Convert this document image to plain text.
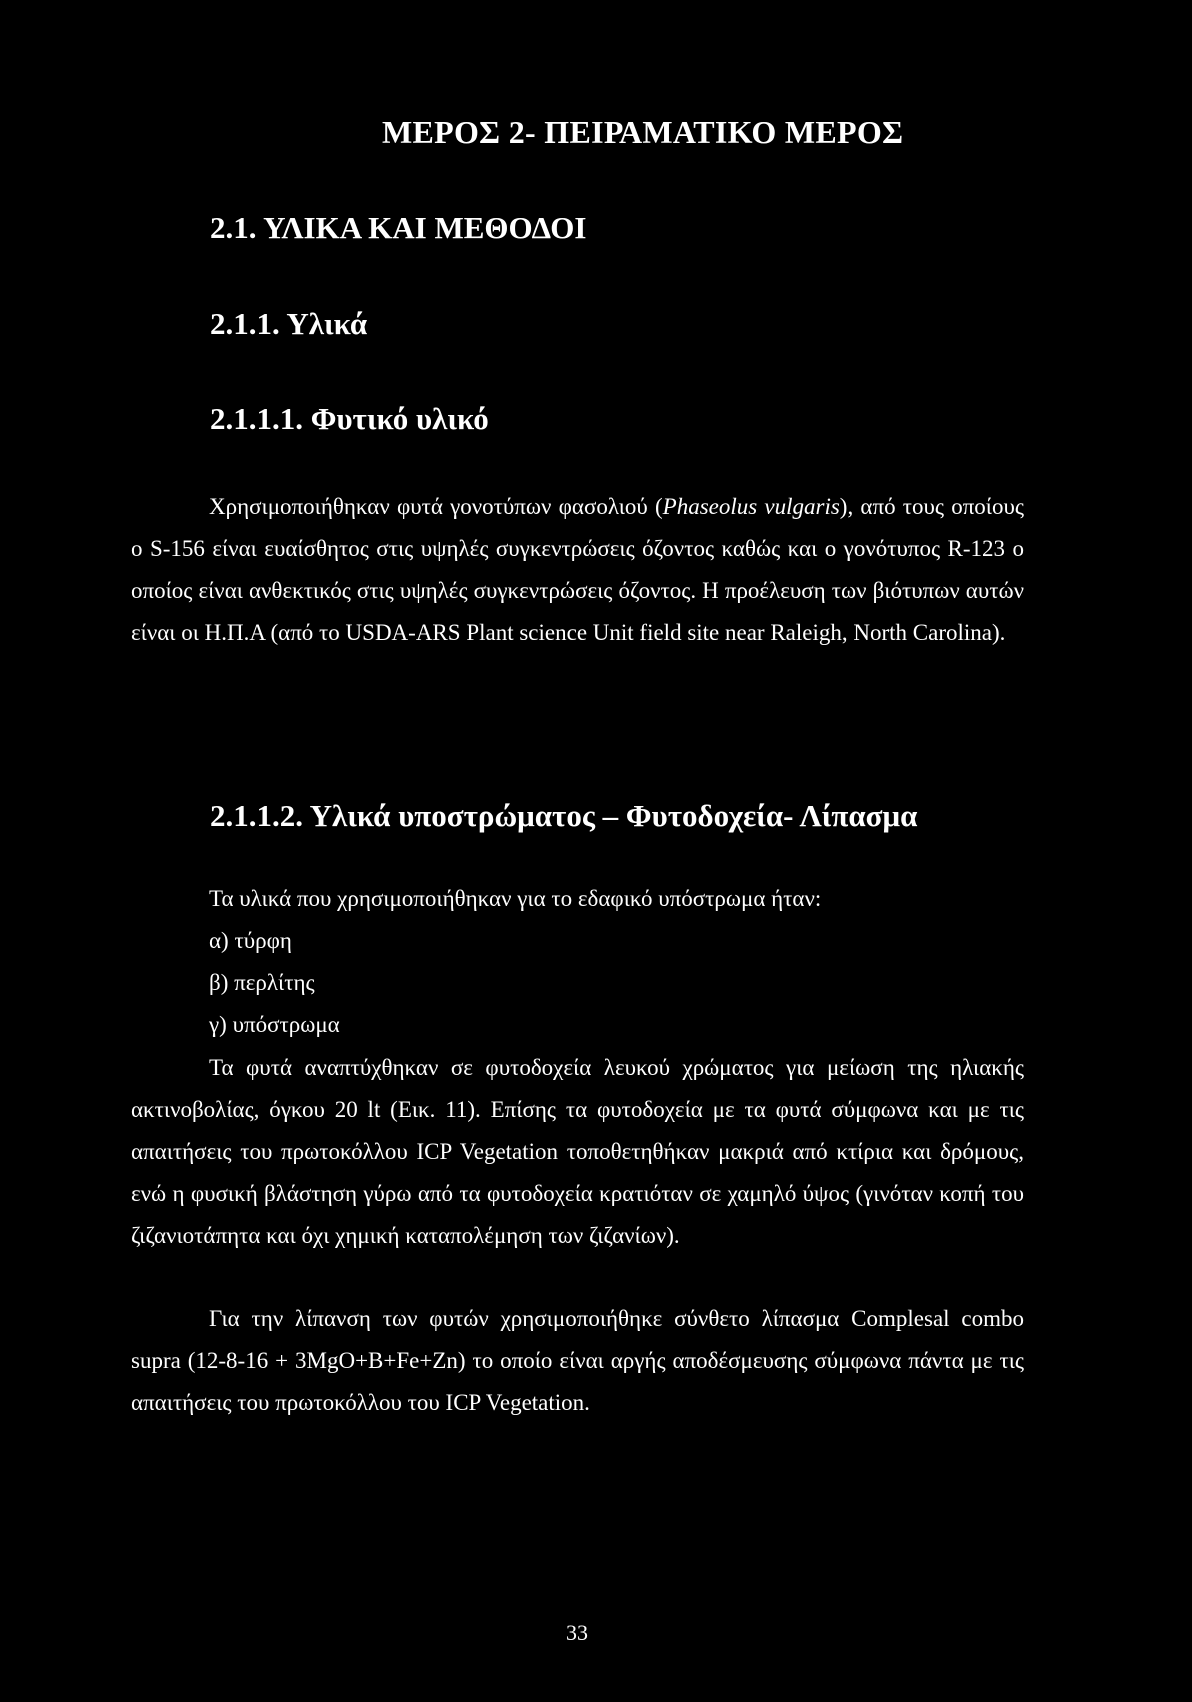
ΜΕΡΟΣ 2- ΠΕΙΡΑΜΑΤΙΚΟ ΜΕΡΟΣ
2.1. ΥΛΙΚΑ ΚΑΙ ΜΕΘΟΔΟΙ
2.1.1. Υλικά
2.1.1.1. Φυτικό υλικό

Χρησιμοποιήθηκαν φυτά γονοτύπων φασολιού (Phaseolus vulgaris), από τους οποίους ο S-156 είναι ευαίσθητος στις υψηλές συγκεντρώσεις όζοντος καθώς και ο γονότυπος R-123 ο οποίος είναι ανθεκτικός στις υψηλές συγκεντρώσεις όζοντος. Η προέλευση των βιότυπων αυτών είναι οι Η.Π.Α (από το USDA-ARS Plant science Unit field site near Raleigh, North Carolina).

2.1.1.2. Υλικά υποστρώματος – Φυτοδοχεία- Λίπασμα

Τα υλικά που χρησιμοποιήθηκαν για το εδαφικό υπόστρωμα ήταν:

α) τύρφη
β) περλίτης
γ) υπόστρωμα

Τα φυτά αναπτύχθηκαν σε φυτοδοχεία λευκού χρώματος για μείωση της ηλιακής ακτινοβολίας, όγκου 20 lt (Εικ. 11). Επίσης τα φυτοδοχεία με τα φυτά σύμφωνα και με τις απαιτήσεις του πρωτοκόλλου ICP Vegetation τοποθετηθήκαν μακριά από κτίρια και δρόμους, ενώ η φυσική βλάστηση γύρω από τα φυτοδοχεία κρατιόταν σε χαμηλό ύψος (γινόταν κοπή του ζιζανιοτάπητα και όχι χημική καταπολέμηση των ζιζανίων).

Για την λίπανση των φυτών χρησιμοποιήθηκε σύνθετο λίπασμα Complesal combo supra (12-8-16 + 3MgO+B+Fe+Zn) το οποίο είναι αργής αποδέσμευσης σύμφωνα πάντα με τις απαιτήσεις του πρωτοκόλλου του ICP Vegetation.

33
